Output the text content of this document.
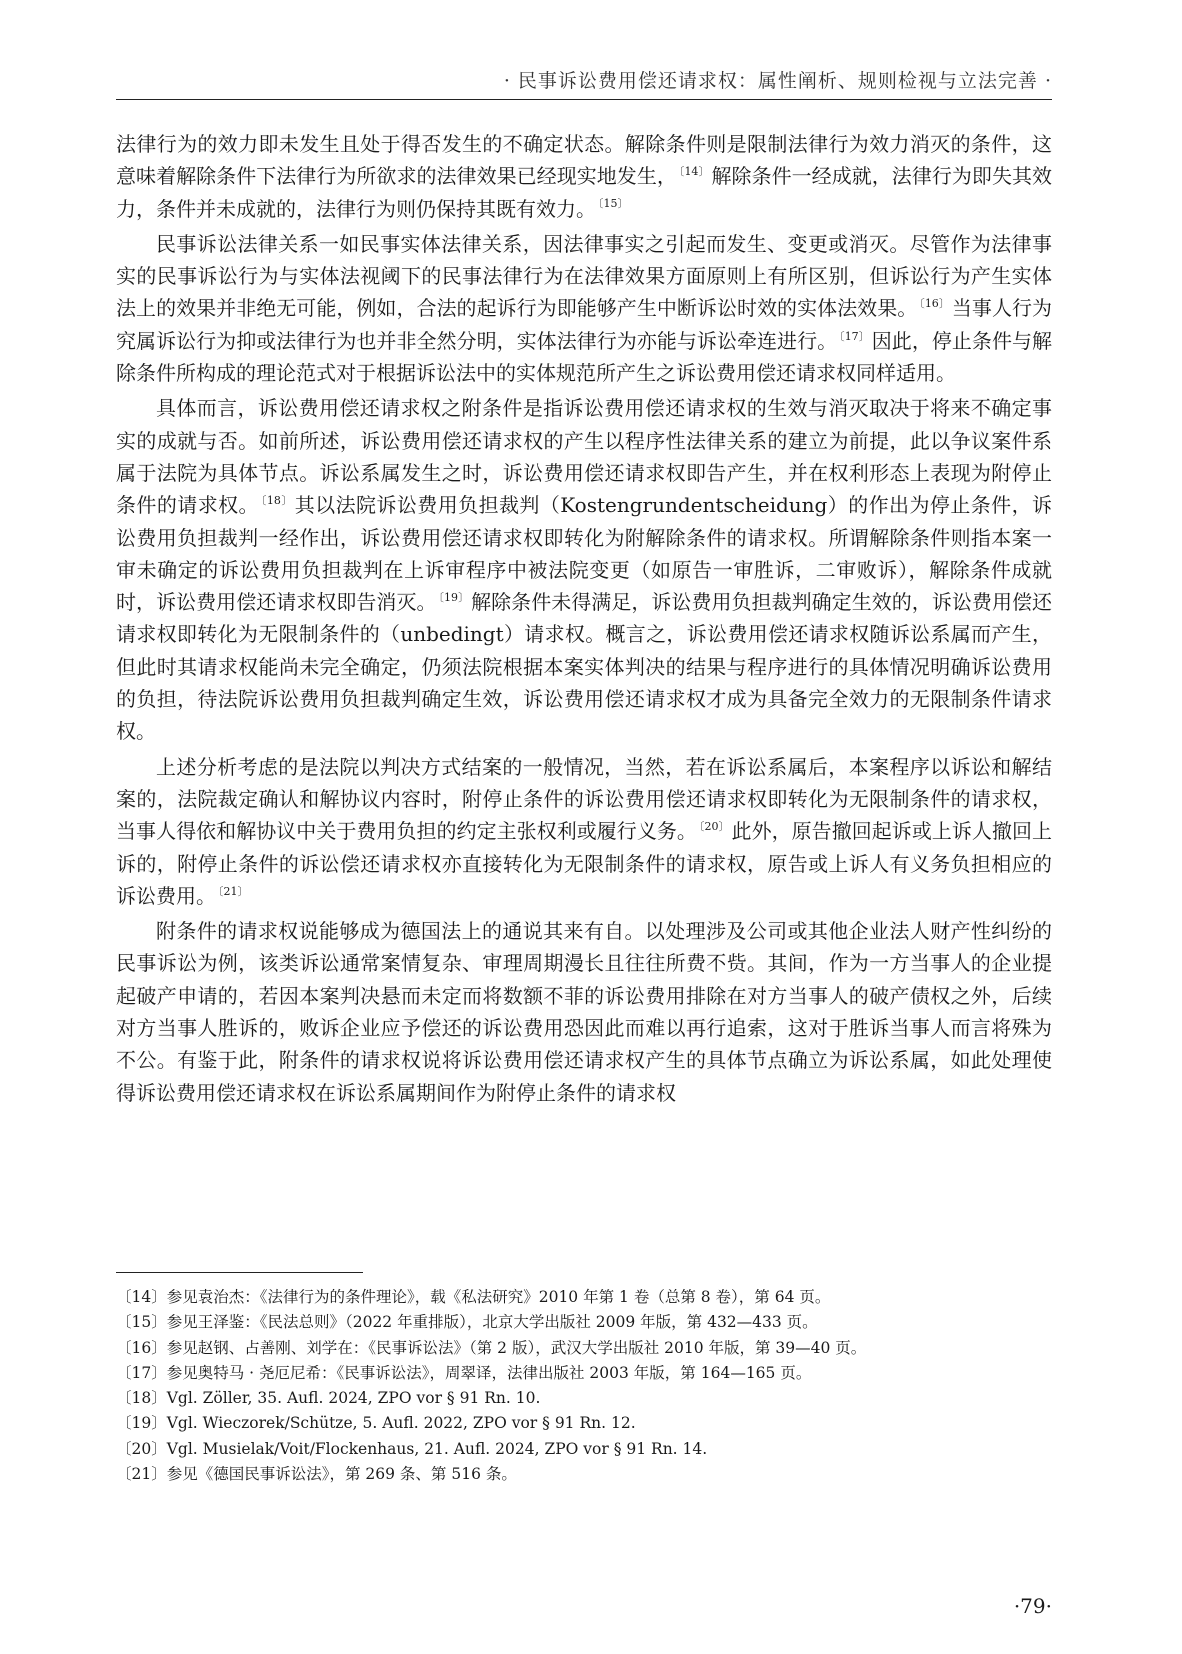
· 民事诉讼费用偿还请求权：属性阐析、规则检视与立法完善 ·

法律行为的效力即未发生且处于得否发生的不确定状态。解除条件则是限制法律行为效力消灭的条件，这意味着解除条件下法律行为所欲求的法律效果已经现实地发生， $^{〔14〕}$ 解除条件一经成就，法律行为即失其效力，条件并未成就的，法律行为则仍保持其既有效力。 $^{〔15〕}$

民事诉讼法律关系一如民事实体法律关系，因法律事实之引起而发生、变更或消灭。尽管作为法律事实的民事诉讼行为与实体法视阈下的民事法律行为在法律效果方面原则上有所区别，但诉讼行为产生实体法上的效果并非绝无可能，例如，合法的起诉行为即能够产生中断诉讼时效的实体法效果。 $^{〔16〕}$ 当事人行为究属诉讼行为抑或法律行为也并非全然分明，实体法律行为亦能与诉讼牵连进行。 $^{〔17〕}$ 因此，停止条件与解除条件所构成的理论范式对于根据诉讼法中的实体规范所产生之诉讼费用偿还请求权同样适用。

具体而言，诉讼费用偿还请求权之附条件是指诉讼费用偿还请求权的生效与消灭取决于将来不确定事实的成就与否。如前所述，诉讼费用偿还请求权的产生以程序性法律关系的建立为前提，此以争议案件系属于法院为具体节点。诉讼系属发生之时，诉讼费用偿还请求权即告产生，并在权利形态上表现为附停止条件的请求权。 $^{〔18〕}$ 其以法院诉讼费用负担裁判（Kostengrundentscheidung）的作出为停止条件，诉讼费用负担裁判一经作出，诉讼费用偿还请求权即转化为附解除条件的请求权。所谓解除条件则指本案一审未确定的诉讼费用负担裁判在上诉审程序中被法院变更（如原告一审胜诉，二审败诉），解除条件成就时，诉讼费用偿还请求权即告消灭。 $^{〔19〕}$ 解除条件未得满足，诉讼费用负担裁判确定生效的，诉讼费用偿还请求权即转化为无限制条件的（unbedingt）请求权。概言之，诉讼费用偿还请求权随诉讼系属而产生，但此时其请求权能尚未完全确定，仍须法院根据本案实体判决的结果与程序进行的具体情况明确诉讼费用的负担，待法院诉讼费用负担裁判确定生效，诉讼费用偿还请求权才成为具备完全效力的无限制条件请求权。

上述分析考虑的是法院以判决方式结案的一般情况，当然，若在诉讼系属后，本案程序以诉讼和解结案的，法院裁定确认和解协议内容时，附停止条件的诉讼费用偿还请求权即转化为无限制条件的请求权，当事人得依和解协议中关于费用负担的约定主张权利或履行义务。 $^{〔20〕}$ 此外，原告撤回起诉或上诉人撤回上诉的，附停止条件的诉讼偿还请求权亦直接转化为无限制条件的请求权，原告或上诉人有义务负担相应的诉讼费用。 $^{〔21〕}$

附条件的请求权说能够成为德国法上的通说其来有自。以处理涉及公司或其他企业法人财产性纠纷的民事诉讼为例，该类诉讼通常案情复杂、审理周期漫长且往往所费不赀。其间，作为一方当事人的企业提起破产申请的，若因本案判决悬而未定而将数额不菲的诉讼费用排除在对方当事人的破产债权之外，后续对方当事人胜诉的，败诉企业应予偿还的诉讼费用恐因此而难以再行追索，这对于胜诉当事人而言将殊为不公。有鉴于此，附条件的请求权说将诉讼费用偿还请求权产生的具体节点确立为诉讼系属，如此处理使得诉讼费用偿还请求权在诉讼系属期间作为附停止条件的请求权

〔14〕参见袁治杰：《法律行为的条件理论》，载《私法研究》2010 年第 1 卷（总第 8 卷），第 64 页。
〔15〕参见王泽鉴：《民法总则》（2022 年重排版），北京大学出版社 2009 年版，第 432—433 页。
〔16〕参见赵钢、占善刚、刘学在：《民事诉讼法》（第 2 版），武汉大学出版社 2010 年版，第 39—40 页。
〔17〕参见奥特马 · 尧厄尼希：《民事诉讼法》，周翠译，法律出版社 2003 年版，第 164—165 页。
〔18〕Vgl. Zöller, 35. Aufl. 2024, ZPO vor § 91 Rn. 10.
〔19〕Vgl. Wieczorek/Schütze, 5. Aufl. 2022, ZPO vor § 91 Rn. 12.
〔20〕Vgl. Musielak/Voit/Flockenhaus, 21. Aufl. 2024, ZPO vor § 91 Rn. 14.
〔21〕参见《德国民事诉讼法》，第 269 条、第 516 条。
·79·
